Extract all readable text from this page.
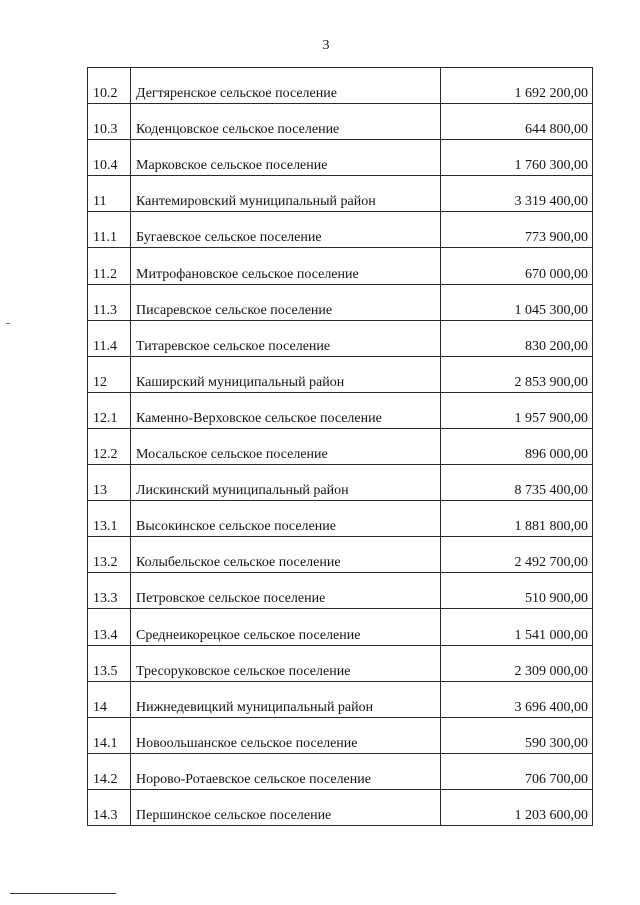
3
10.2	Дегтяренское сельское поселение	1 692 200,00
10.3	Коденцовское сельское поселение	644 800,00
10.4	Марковское сельское поселение	1 760 300,00
11	Кантемировский муниципальный район	3 319 400,00
11.1	Бугаевское сельское поселение	773 900,00
11.2	Митрофановское сельское поселение	670 000,00
11.3	Писаревское сельское поселение	1 045 300,00
11.4	Титаревское сельское поселение	830 200,00
12	Каширский муниципальный район	2 853 900,00
12.1	Каменно-Верховское сельское поселение	1 957 900,00
12.2	Мосальское сельское поселение	896 000,00
13	Лискинский муниципальный район	8 735 400,00
13.1	Высокинское сельское поселение	1 881 800,00
13.2	Колыбельское сельское поселение	2 492 700,00
13.3	Петровское сельское поселение	510 900,00
13.4	Среднеикорецкое сельское поселение	1 541 000,00
13.5	Тресоруковское сельское поселение	2 309 000,00
14	Нижнедевицкий муниципальный район	3 696 400,00
14.1	Новоольшанское сельское поселение	590 300,00
14.2	Норово-Ротаевское сельское поселение	706 700,00
14.3	Першинское сельское поселение	1 203 600,00
